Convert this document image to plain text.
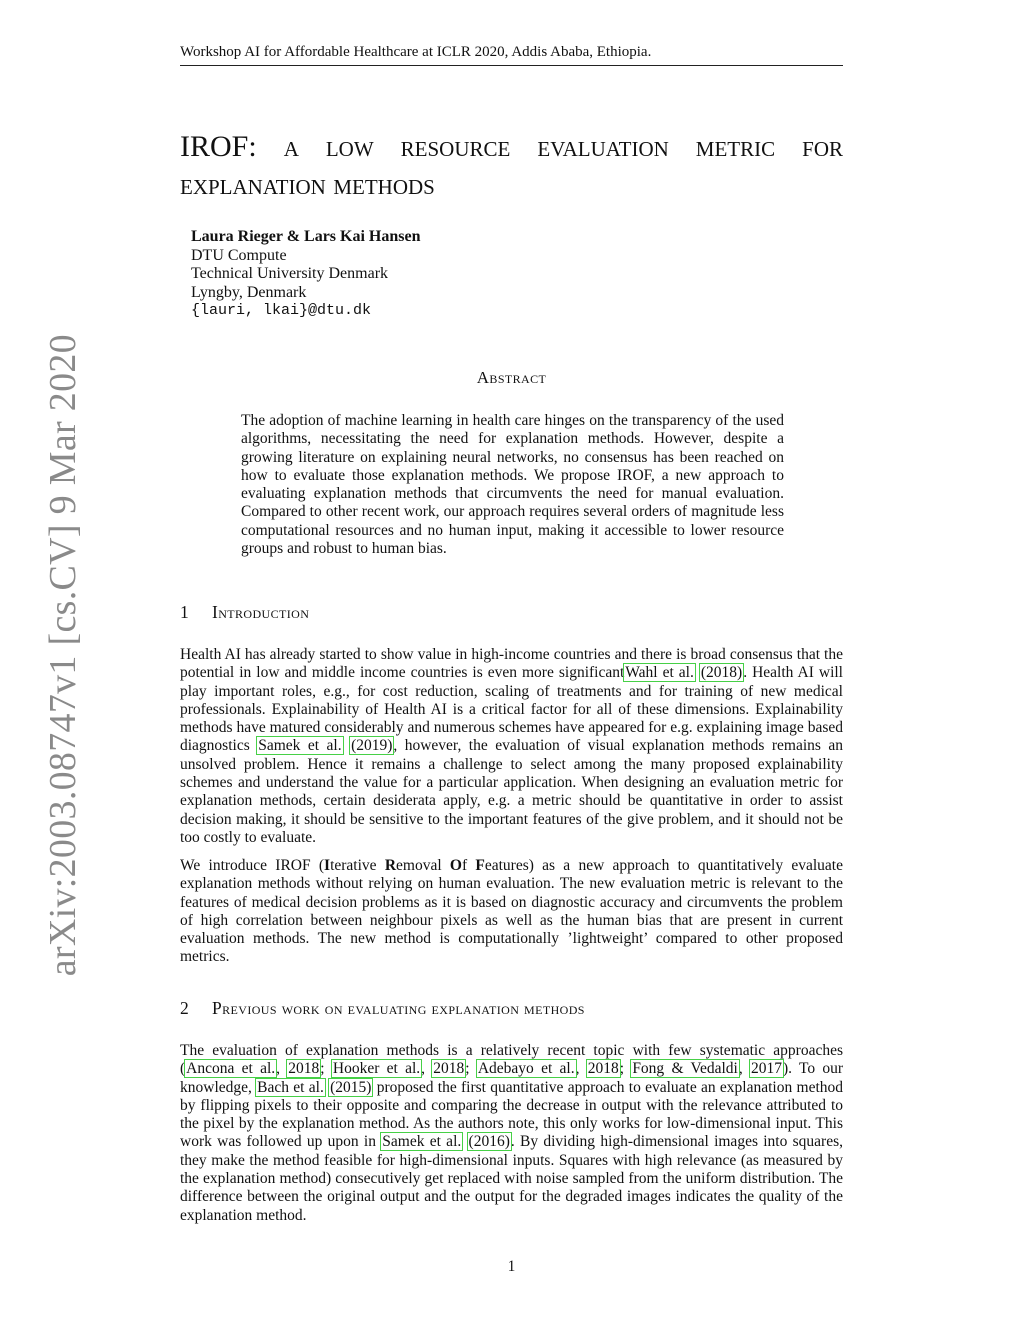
Workshop AI for Affordable Healthcare at ICLR 2020, Addis Ababa, Ethiopia.
arXiv:2003.08747v1 [cs.CV] 9 Mar 2020
IROF: a low resource evaluation metric for
explanation methods
Laura Rieger & Lars Kai Hansen
DTU Compute
Technical University Denmark
Lyngby, Denmark
{lauri, lkai}@dtu.dk
Abstract

The adoption of machine learning in health care hinges on the transparency of the used algorithms, necessitating the need for explanation methods. However, despite a growing literature on explaining neural networks, no consensus has been reached on how to evaluate those explanation methods. We propose IROF, a new approach to evaluating explanation methods that circumvents the need for manual evaluation. Compared to other recent work, our approach requires several orders of magnitude less computational resources and no human input, making it accessible to lower resource groups and robust to human bias.

1 Introduction

Health AI has already started to show value in high-income countries and there is broad consensus that the potential in low and middle income countries is even more significantWahl et al. (2018). Health AI will play important roles, e.g., for cost reduction, scaling of treatments and for training of new medical professionals. Explainability of Health AI is a critical factor for all of these dimensions. Explainability methods have matured considerably and numerous schemes have appeared for e.g. explaining image based diagnostics Samek et al. (2019), however, the evaluation of visual explanation methods remains an unsolved problem. Hence it remains a challenge to select among the many proposed explainability schemes and understand the value for a particular application. When designing an evaluation metric for explanation methods, certain desiderata apply, e.g. a metric should be quantitative in order to assist decision making, it should be sensitive to the important features of the give problem, and it should not be too costly to evaluate.

We introduce IROF (Iterative Removal Of Features) as a new approach to quantitatively evaluate explanation methods without relying on human evaluation. The new evaluation metric is relevant to the features of medical decision problems as it is based on diagnostic accuracy and circumvents the problem of high correlation between neighbour pixels as well as the human bias that are present in current evaluation methods. The new method is computationally ’lightweight’ compared to other proposed metrics.

2 Previous work on evaluating explanation methods

The evaluation of explanation methods is a relatively recent topic with few systematic approaches (Ancona et al., 2018; Hooker et al., 2018; Adebayo et al., 2018; Fong & Vedaldi, 2017). To our knowledge, Bach et al. (2015) proposed the first quantitative approach to evaluate an explanation method by flipping pixels to their opposite and comparing the decrease in output with the relevance attributed to the pixel by the explanation method. As the authors note, this only works for low-dimensional input. This work was followed up upon in Samek et al. (2016). By dividing high-dimensional images into squares, they make the method feasible for high-dimensional inputs. Squares with high relevance (as measured by the explanation method) consecutively get replaced with noise sampled from the uniform distribution. The difference between the original output and the output for the degraded images indicates the quality of the explanation method.

1
